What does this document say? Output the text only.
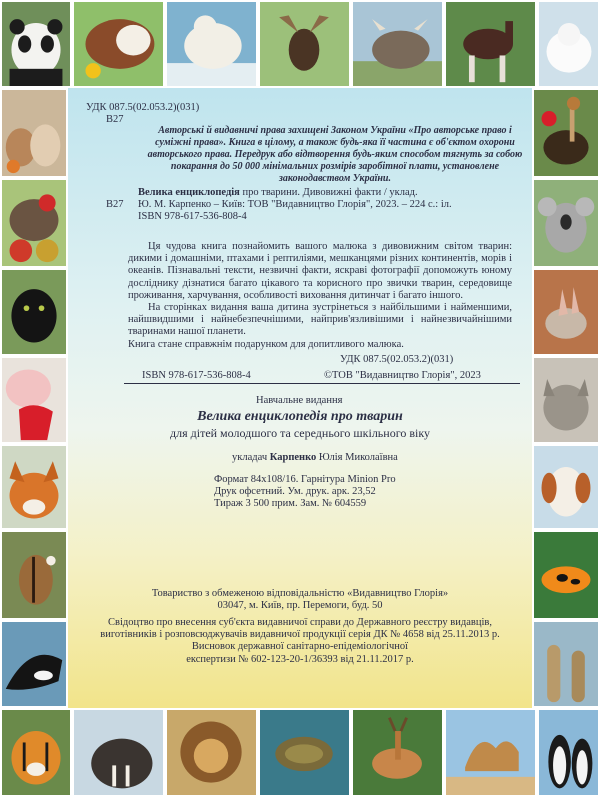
УДК 087.5(02.053.2)(031)
В27
Авторські й видавничі права захищені Законом України «Про авторське право і суміжні права». Книга в цілому, а також будь-яка її частина є об'єктом охорони авторського права. Передрук або відтворення будь-яким способом тягнуть за собою покарання до 50 000 мінімальних розмірів заробітної плати, установлене законодавством України.
Велика енциклопедія про тварини. Дивовижні факти / уклад.
В27 Ю. М. Карпенко – Київ: ТОВ "Видавництво Глорія", 2023. – 224 с.: іл.
ISBN 978-617-536-808-4

Ця чудова книга познайомить вашого малюка з дивовижним світом тварин: дикими і домашніми, птахами і рептиліями, мешканцями різних континентів, морів і океанів. Пізнавальні тексти, незвичні факти, яскраві фотографії допоможуть юному досліднику дізнатися багато цікавого та корисного про звички тварин, середовище проживання, харчування, особливості виховання дитинчат і багато іншого.

На сторінках видання ваша дитина зустрінеться з найбільшими і найменшими, найшвидшими і найнебезпечнішими, найприв'язливішими і найнезвичайнішими тваринами нашої планети.

Книга стане справжнім подарунком для допитливого малюка.

УДК 087.5(02.053.2)(031)
ISBN 978-617-536-808-4	©ТОВ "Видавництво Глорія", 2023
Навчальне видання
Велика енциклопедія про тварин
для дітей молодшого та середнього шкільного віку
укладач Карпенко Юлія Миколаївна
Формат 84x108/16. Гарнітура Minion Pro
Друк офсетний. Ум. друк. арк. 23,52
Тираж 3 500 прим. Зам. № 604559
Товариство з обмеженою відповідальністю «Видавництво Глорія»
03047, м. Київ, пр. Перемоги, буд. 50
Свідоцтво про внесення суб'єкта видавничої справи до Державного реєстру видавців, виготівників і розповсюджувачів видавничої продукції серія ДК № 4658 від 25.11.2013 р.
Висновок державної санітарно-епідеміологічної
експертизи № 602-123-20-1/36393 від 21.11.2017 р.
